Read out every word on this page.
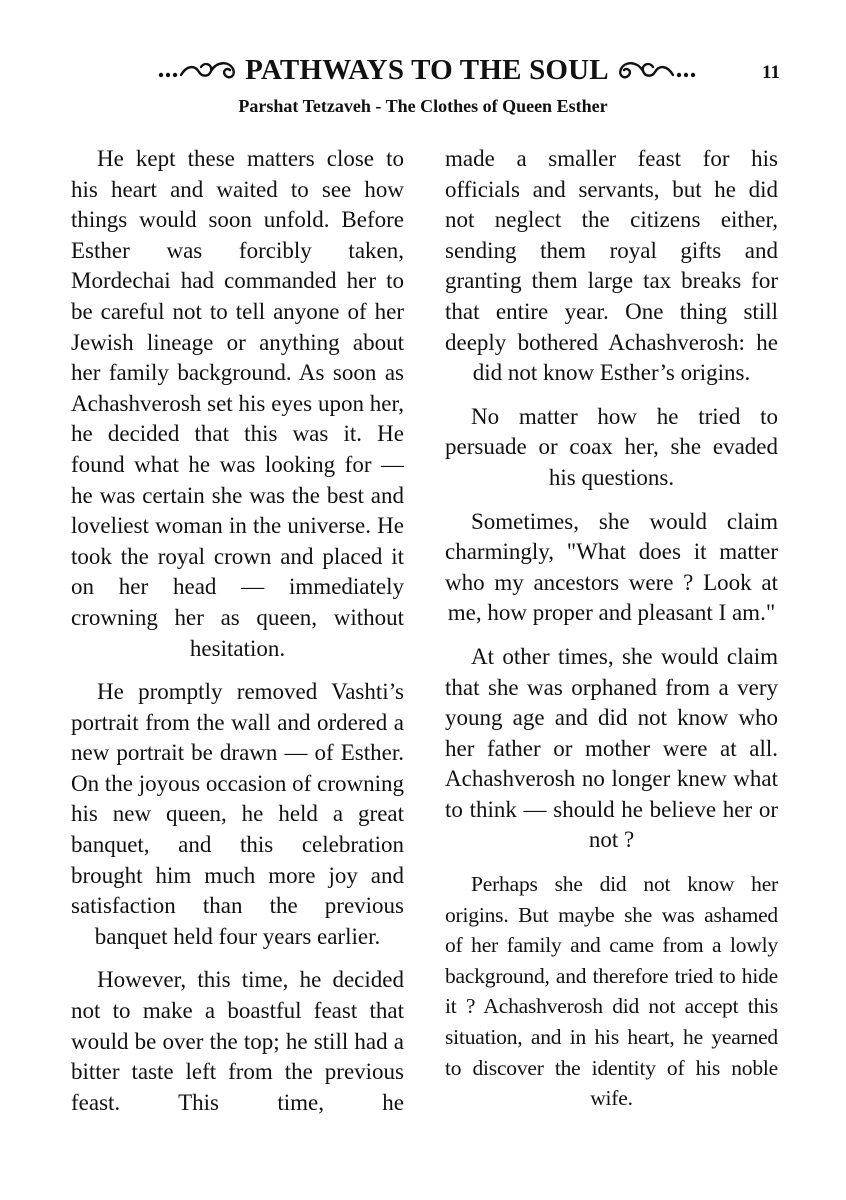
PATHWAYS TO THE SOUL	11
Parshat Tetzaveh - The Clothes of Queen Esther

He kept these matters close to his heart and waited to see how things would soon unfold. Before Esther was forcibly taken, Mordechai had commanded her to be careful not to tell anyone of her Jewish lineage or anything about her family background. As soon as Achashverosh set his eyes upon her, he decided that this was it. He found what he was looking for — he was certain she was the best and loveliest woman in the universe. He took the royal crown and placed it on her head — immediately crowning her as queen, without hesitation.

He promptly removed Vashti’s portrait from the wall and ordered a new portrait be drawn — of Esther. On the joyous occasion of crowning his new queen, he held a great banquet, and this celebration brought him much more joy and satisfaction than the previous banquet held four years earlier.

However, this time, he decided not to make a boastful feast that would be over the top; he still had a bitter taste left from the previous feast. This time, he

made a smaller feast for his officials and servants, but he did not neglect the citizens either, sending them royal gifts and granting them large tax breaks for that entire year. One thing still deeply bothered Achashverosh: he did not know Esther’s origins.

No matter how he tried to persuade or coax her, she evaded his questions.

Sometimes, she would claim charmingly, "What does it matter who my ancestors were ? Look at me, how proper and pleasant I am."

At other times, she would claim that she was orphaned from a very young age and did not know who her father or mother were at all. Achashverosh no longer knew what to think — should he believe her or not ?

Perhaps she did not know her origins. But maybe she was ashamed of her family and came from a lowly background, and therefore tried to hide it ? Achashverosh did not accept this situation, and in his heart, he yearned to discover the identity of his noble wife.
